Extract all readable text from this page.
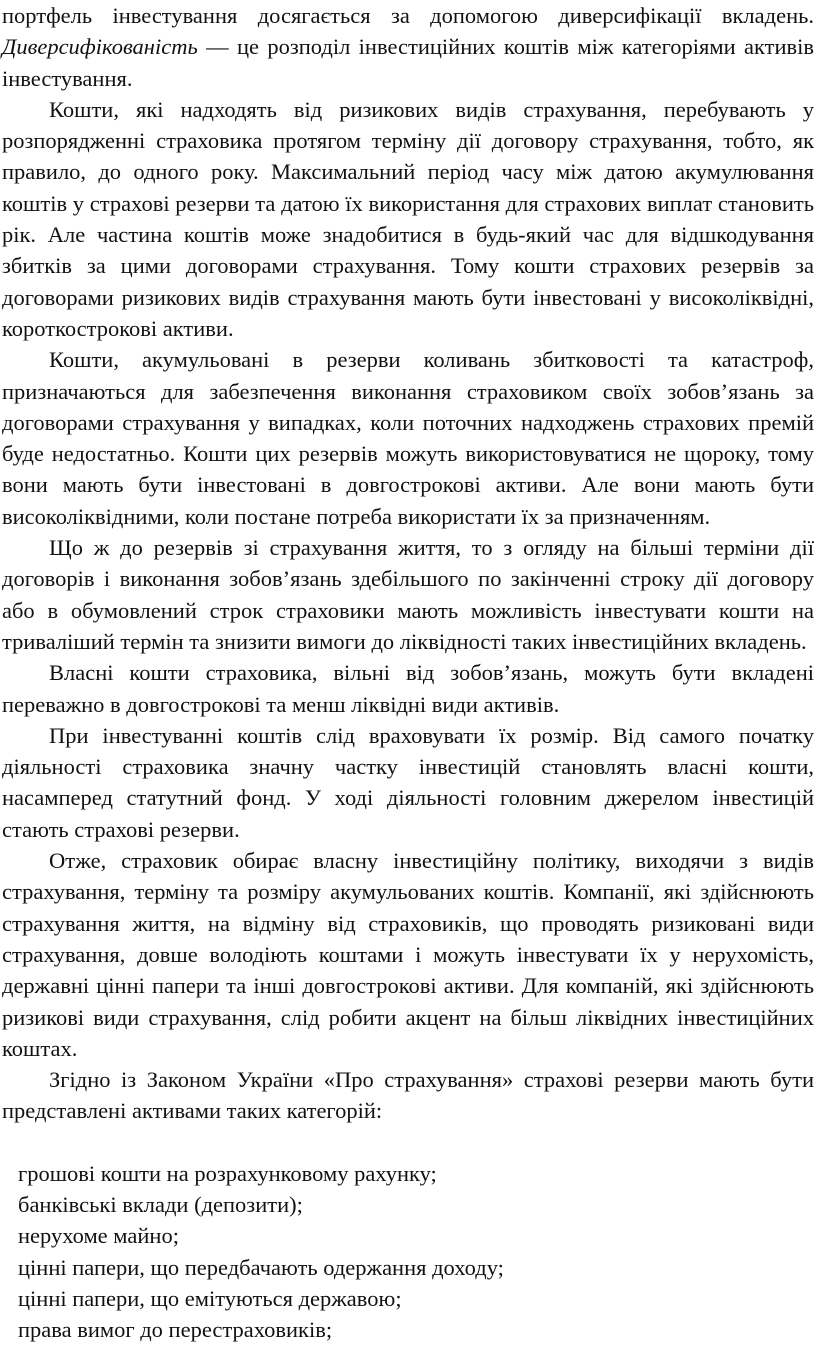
портфель інвестування досягається за допомогою диверсифікації вкладень. Диверсифікованість — це розподіл інвестиційних коштів між категоріями активів інвестування.

Кошти, які надходять від ризикових видів страхування, перебувають у розпорядженні страховика протягом терміну дії договору страхування, тобто, як правило, до одного року. Максимальний період часу між датою акумулювання коштів у страхові резерви та датою їх використання для страхових виплат становить рік. Але частина коштів може знадобитися в будь-який час для відшкодування збитків за цими договорами страхування. Тому кошти страхових резервів за договорами ризикових видів страхування мають бути інвестовані у високоліквідні, короткострокові активи.

Кошти, акумульовані в резерви коливань збитковості та катастроф, призначаються для забезпечення виконання страховиком своїх зобов’язань за договорами страхування у випадках, коли поточних надходжень страхових премій буде недостатньо. Кошти цих резервів можуть використовуватися не щороку, тому вони мають бути інвестовані в довгострокові активи. Але вони мають бути високоліквідними, коли постане потреба використати їх за призначенням.

Що ж до резервів зі страхування життя, то з огляду на більші терміни дії договорів і виконання зобов’язань здебільшого по закінченні строку дії договору або в обумовлений строк страховики мають можливість інвестувати кошти на триваліший термін та знизити вимоги до ліквідності таких інвестиційних вкладень.

Власні кошти страховика, вільні від зобов’язань, можуть бути вкладені переважно в довгострокові та менш ліквідні види активів.

При інвестуванні коштів слід враховувати їх розмір. Від самого початку діяльності страховика значну частку інвестицій становлять власні кошти, насамперед статутний фонд. У ході діяльності головним джерелом інвестицій стають страхові резерви.

Отже, страховик обирає власну інвестиційну політику, виходячи з видів страхування, терміну та розміру акумульованих коштів. Компанії, які здійснюють страхування життя, на відміну від страховиків, що проводять ризиковані види страхування, довше володіють коштами і можуть інвестувати їх у нерухомість, державні цінні папери та інші довгострокові активи. Для компаній, які здійснюють ризикові види страхування, слід робити акцент на більш ліквідних інвестиційних коштах.

Згідно із Законом України «Про страхування» страхові резерви мають бути представлені активами таких категорій:

грошові кошти на розрахунковому рахунку;
банківські вклади (депозити);
нерухоме майно;
цінні папери, що передбачають одержання доходу;
цінні папери, що емітуються державою;
права вимог до перестраховиків;
